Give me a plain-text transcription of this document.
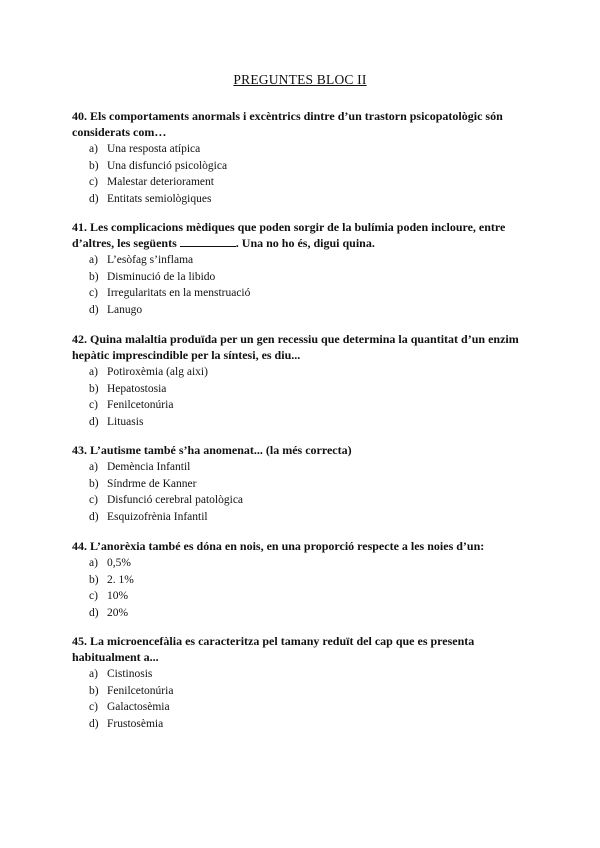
PREGUNTES BLOC II

40. Els comportaments anormals i excèntrics dintre d’un trastorn psicopatològic són considerats com…

a) Una resposta atípica
b) Una disfunció psicològica
c) Malestar deteriorament
d) Entitats semiològiques

41. Les complicacions mèdiques que poden sorgir de la bulímia poden incloure, entre d’altres, les següents	. Una no ho és, digui quina.

a) L’esòfag s’inflama
b) Disminució de la libido
c) Irregularitats en la menstruació
d) Lanugo

42. Quina malaltia produïda per un gen recessiu que determina la quantitat d’un enzim hepàtic imprescindible per la síntesi, es diu...

a) Potiroxèmia (alg aixi)
b) Hepatostosia
c) Fenilcetonúria
d) Lituasis

43. L’autisme també s’ha anomenat... (la més correcta)

a) Demència Infantil
b) Síndrme de Kanner
c) Disfunció cerebral patològica
d) Esquizofrènia Infantil

44. L’anorèxia també es dóna en nois, en una proporció respecte a les noies d’un:

a) 0,5%
b) 2. 1%
c) 10%
d) 20%

45. La microencefàlia es caracteritza pel tamany reduït del cap que es presenta habitualment a...

a) Cistinosis
b) Fenilcetonúria
c) Galactosèmia
d) Frustosèmia
